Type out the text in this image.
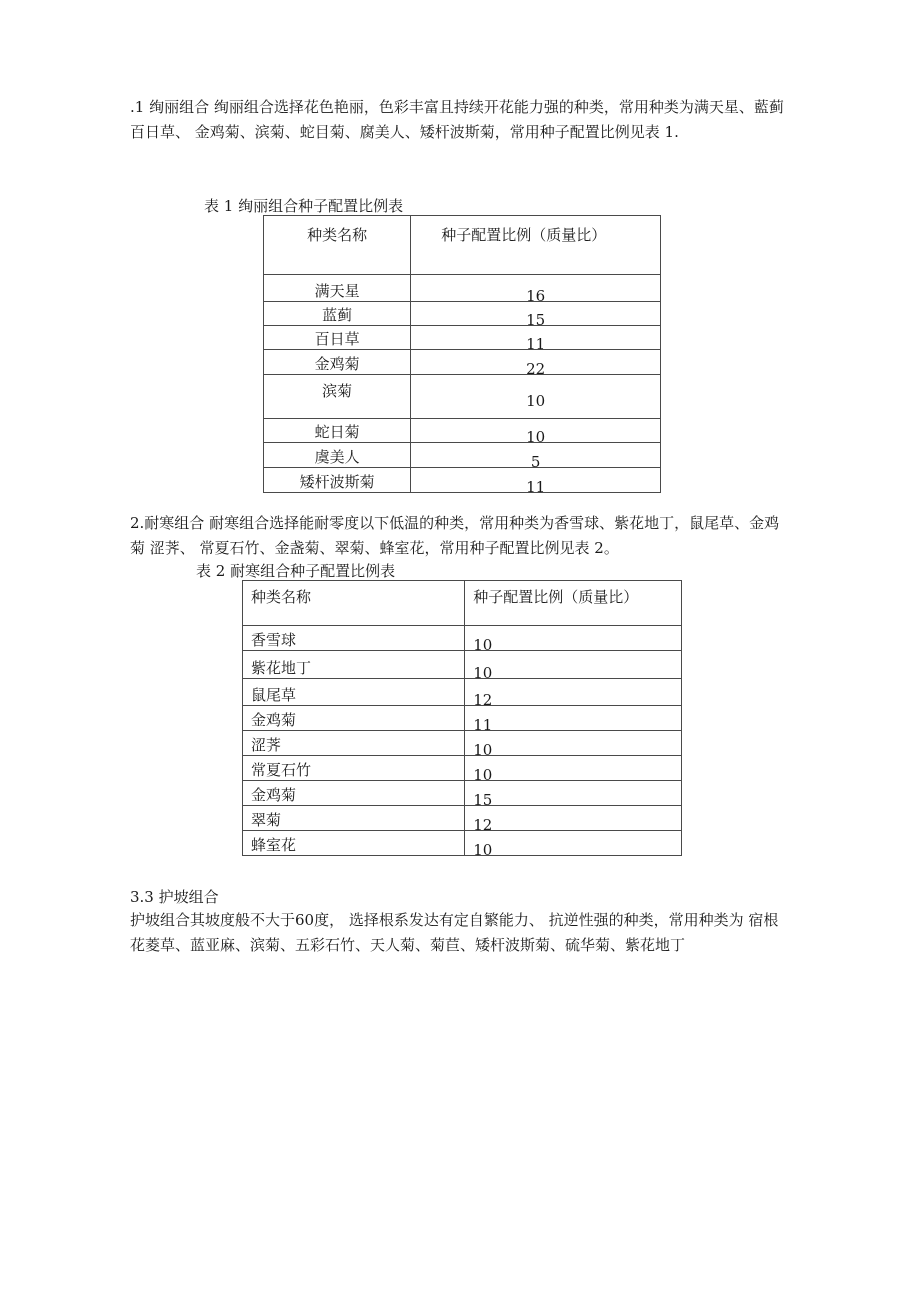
.1 绚丽组合 绚丽组合选择花色艳丽，色彩丰富且持续开花能力强的种类，常用种类为满天星、藍蓟 百日草、 金鸡菊、滨菊、蛇目菊、腐美人、矮杆波斯菊，常用种子配置比例见表 1.

表 1 绚丽组合种子配置比例表
种类名称	种子配置比例（质量比）
满天星	16
蓝蓟	15
百日草	11
金鸡菊	22
滨菊	10
蛇日菊	10
虞美人	5
矮杆波斯菊	11

2.耐寒组合 耐寒组合选择能耐零度以下低温的种类，常用种类为香雪球、紫花地丁，鼠尾草、金鸡菊 涩荠、 常夏石竹、金盏菊、翠菊、蜂室花，常用种子配置比例见表 2。

表 2 耐寒组合种子配置比例表
种类名称	种子配置比例（质量比）
香雪球	10
紫花地丁	10
鼠尾草	12
金鸡菊	11
涩荠	10
常夏石竹	10
金鸡菊	15
翠菊	12
蜂室花	10
3.3 护坡组合

护坡组合其坡度般不大于60度， 选择根系发达有定自繁能力、 抗逆性强的种类，常用种类为 宿根花菱草、蓝亚麻、滨菊、五彩石竹、天人菊、菊苣、矮杆波斯菊、硫华菊、紫花地丁
